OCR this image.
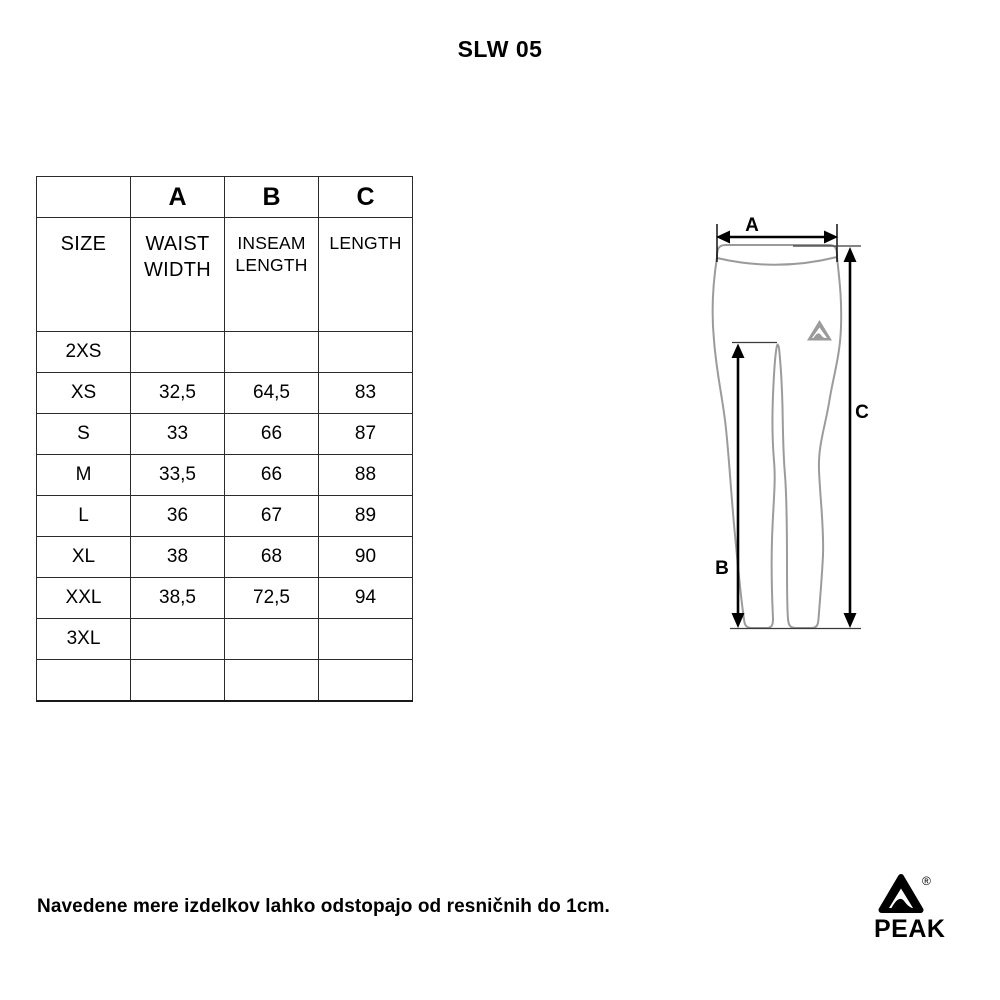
SLW 05
	A	B	C
SIZE	WAIST WIDTH	INSEAM LENGTH	LENGTH
2XS			
XS	32,5	64,5	83
S	33	66	87
M	33,5	66	88
L	36	67	89
XL	38	68	90
XXL	38,5	72,5	94
3XL			

A
B
C
Navedene mere izdelkov lahko odstopajo od resničnih do 1cm.
®
PEAK
